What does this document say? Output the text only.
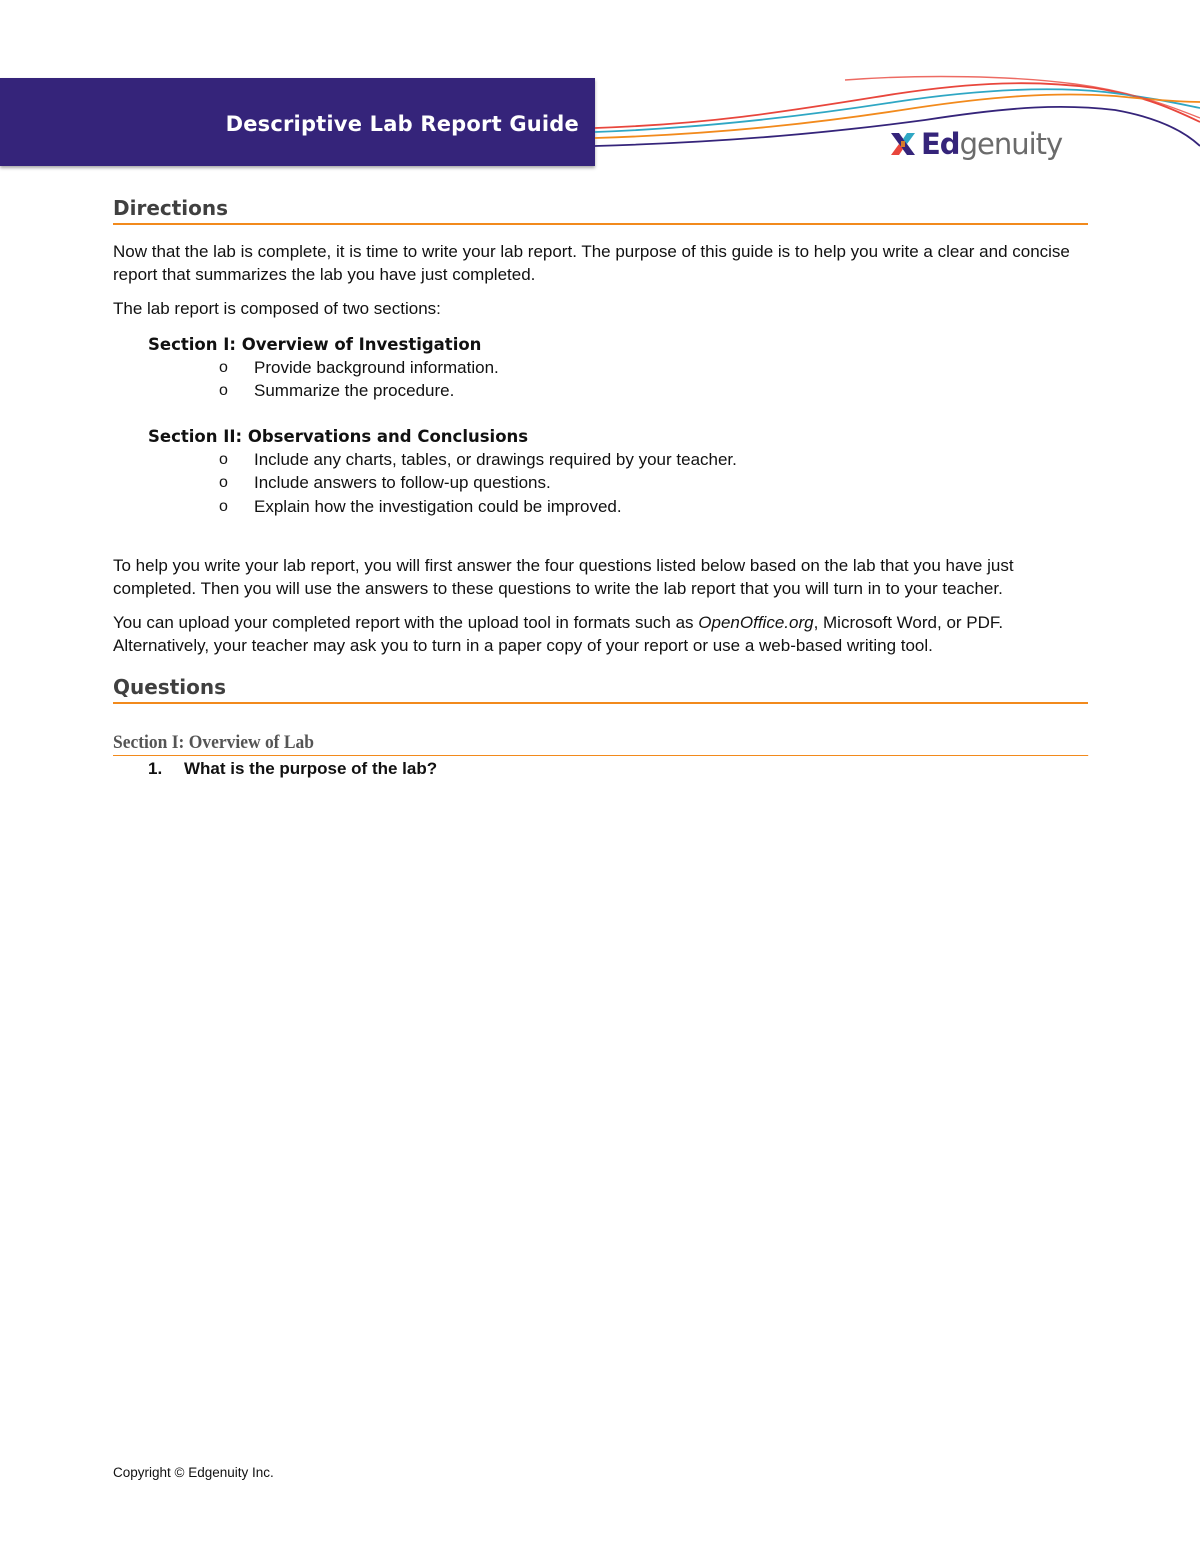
Descriptive Lab Report Guide
Edgenuity
Directions

Now that the lab is complete, it is time to write your lab report. The purpose of this guide is to help you write a clear and concise report that summarizes the lab you have just completed.

The lab report is composed of two sections:

Section I: Overview of Investigation
o Provide background information.
o Summarize the procedure.
Section II: Observations and Conclusions
o Include any charts, tables, or drawings required by your teacher.
o Include answers to follow-up questions.
o Explain how the investigation could be improved.

To help you write your lab report, you will first answer the four questions listed below based on the lab that you have just completed. Then you will use the answers to these questions to write the lab report that you will turn in to your teacher.

You can upload your completed report with the upload tool in formats such as OpenOffice.org, Microsoft Word, or PDF. Alternatively, your teacher may ask you to turn in a paper copy of your report or use a web-based writing tool.

Questions
Section I: Overview of Lab
1. What is the purpose of the lab?
Copyright © Edgenuity Inc.
